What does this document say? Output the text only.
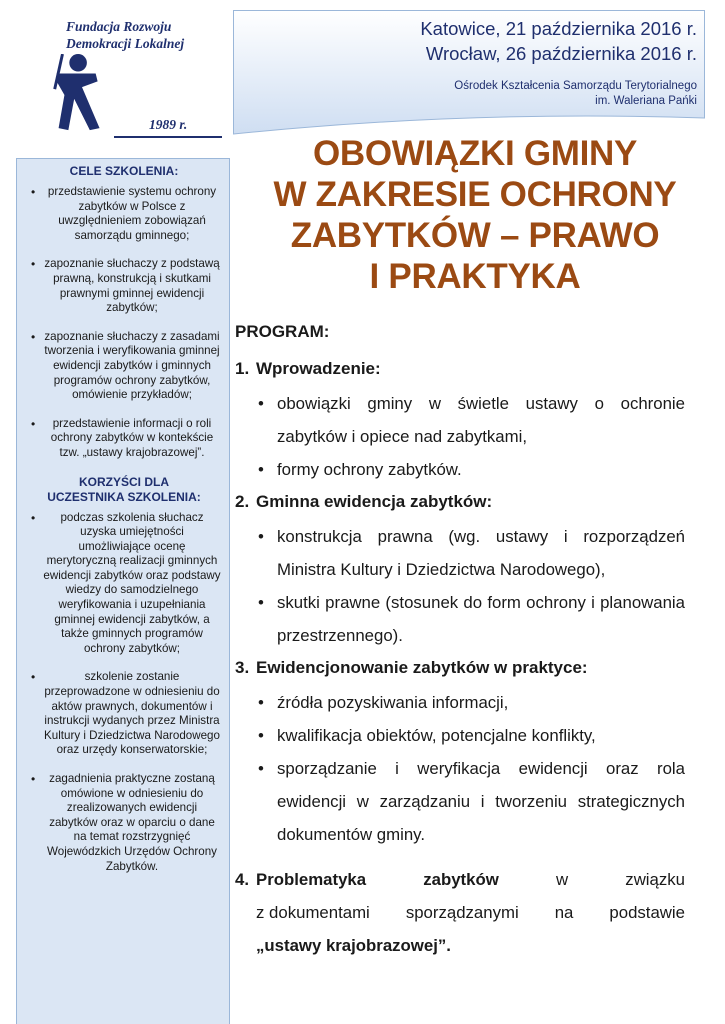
Fundacja Rozwoju
Demokracji Lokalnej
1989 r.
Katowice, 21 października 2016 r.
Wrocław, 26 października 2016 r.
Ośrodek Kształcenia Samorządu Terytorialnego
im. Waleriana Pańki
CELE SZKOLENIA:
• przedstawienie systemu ochrony zabytków w Polsce z uwzględnieniem zobowiązań samorządu gminnego;
• zapoznanie słuchaczy z podstawą prawną, konstrukcją i skutkami prawnymi gminnej ewidencji zabytków;
• zapoznanie słuchaczy z zasadami tworzenia i weryfikowania gminnej ewidencji zabytków i gminnych programów ochrony zabytków, omówienie przykładów;
• przedstawienie informacji o roli ochrony zabytków w kontekście tzw. „ustawy krajobrazowej”.
KORZYŚCI DLA
UCZESTNIKA SZKOLENIA:
• podczas szkolenia słuchacz uzyska umiejętności umożliwiające ocenę merytoryczną realizacji gminnych ewidencji zabytków oraz podstawy wiedzy do samodzielnego weryfikowania i uzupełniania gminnej ewidencji zabytków, a także gminnych programów ochrony zabytków;
•	szkolenie zostanie przeprowadzone w odniesieniu do aktów prawnych, dokumentów i instrukcji wydanych przez Ministra Kultury i Dziedzictwa Narodowego oraz urzędy konserwatorskie;
• zagadnienia praktyczne zostaną omówione w odniesieniu do zrealizowanych ewidencji zabytków oraz w oparciu o dane na temat rozstrzygnięć Wojewódzkich Urzędów Ochrony Zabytków.
OBOWIĄZKI GMINY
W ZAKRESIE OCHRONY
ZABYTKÓW – PRAWO
I PRAKTYKA
PROGRAM:
1. Wprowadzenie:
• obowiązki gminy w świetle ustawy o ochronie zabytków i opiece nad zabytkami,
• formy ochrony zabytków.
2. Gminna ewidencja zabytków:
• konstrukcja prawna (wg. ustawy i rozporządzeń Ministra Kultury i Dziedzictwa Narodowego),
• skutki prawne (stosunek do form ochrony i planowania przestrzennego).
3. Ewidencjonowanie zabytków w praktyce:
• źródła pozyskiwania informacji,
• kwalifikacja obiektów, potencjalne konflikty,
• sporządzanie i weryfikacja ewidencji oraz rola ewidencji w zarządzaniu i tworzeniu strategicznych dokumentów gminy.
4. Problematyka	zabytków	w	związku
z dokumentami sporządzanymi na podstawie
„ustawy krajobrazowej”.
